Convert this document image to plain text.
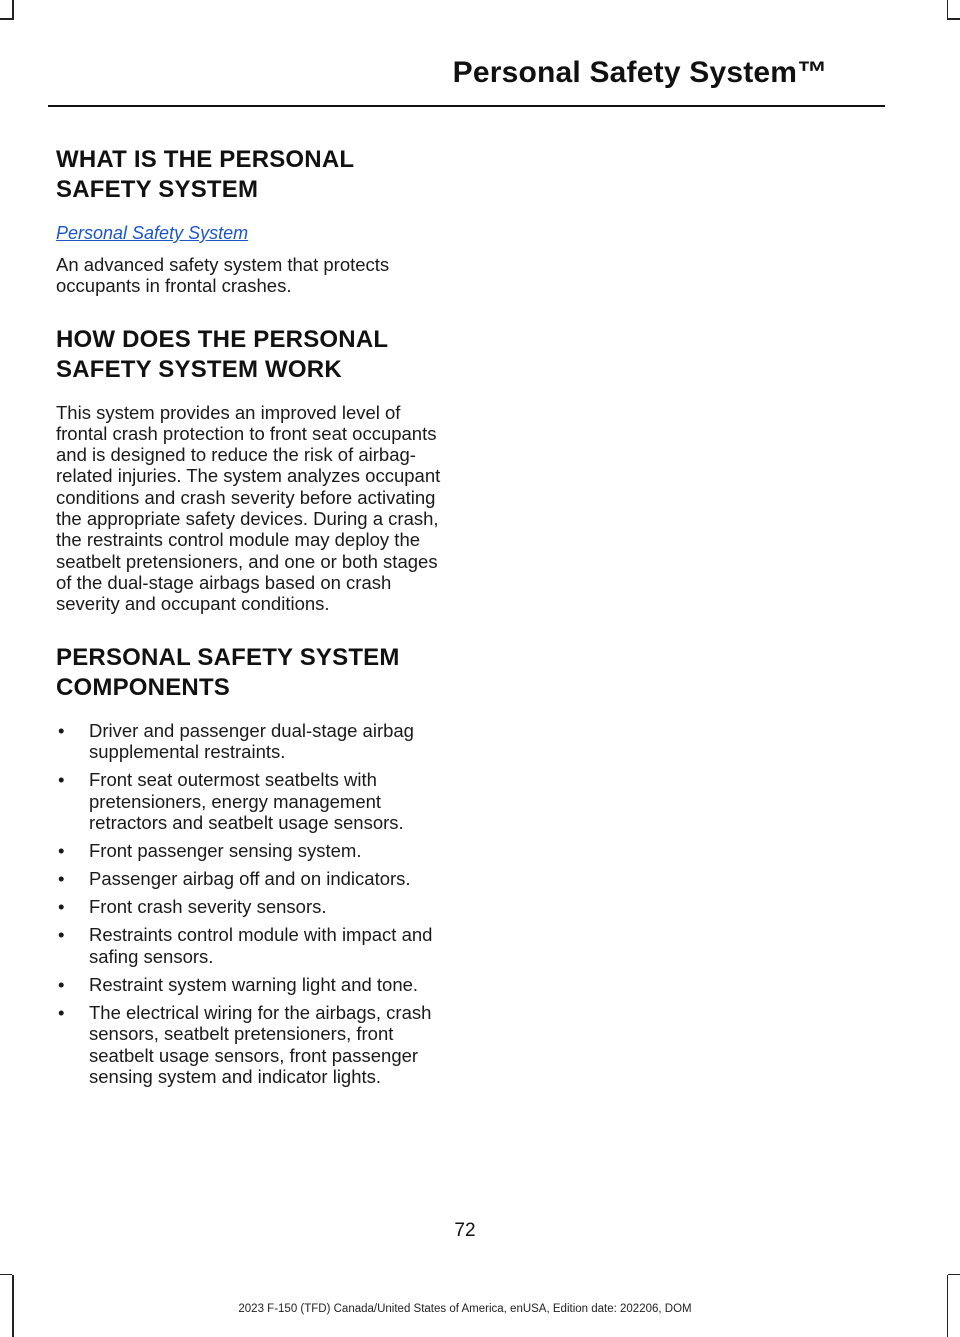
Personal Safety System™
WHAT IS THE PERSONAL
SAFETY SYSTEM
Personal Safety System

An advanced safety system that protects occupants in frontal crashes.

HOW DOES THE PERSONAL
SAFETY SYSTEM WORK

This system provides an improved level of frontal crash protection to front seat occupants and is designed to reduce the risk of airbag-related injuries. The system analyzes occupant conditions and crash severity before activating the appropriate safety devices. During a crash, the restraints control module may deploy the seatbelt pretensioners, and one or both stages of the dual-stage airbags based on crash severity and occupant conditions.

PERSONAL SAFETY SYSTEM
COMPONENTS
• Driver and passenger dual-stage airbag supplemental restraints.
• Front seat outermost seatbelts with pretensioners, energy management retractors and seatbelt usage sensors.
• Front passenger sensing system.
• Passenger airbag off and on indicators.
• Front crash severity sensors.
• Restraints control module with impact and safing sensors.
• Restraint system warning light and tone.
• The electrical wiring for the airbags, crash sensors, seatbelt pretensioners, front seatbelt usage sensors, front passenger sensing system and indicator lights.
72
2023 F-150 (TFD) Canada/United States of America, enUSA, Edition date: 202206, DOM
